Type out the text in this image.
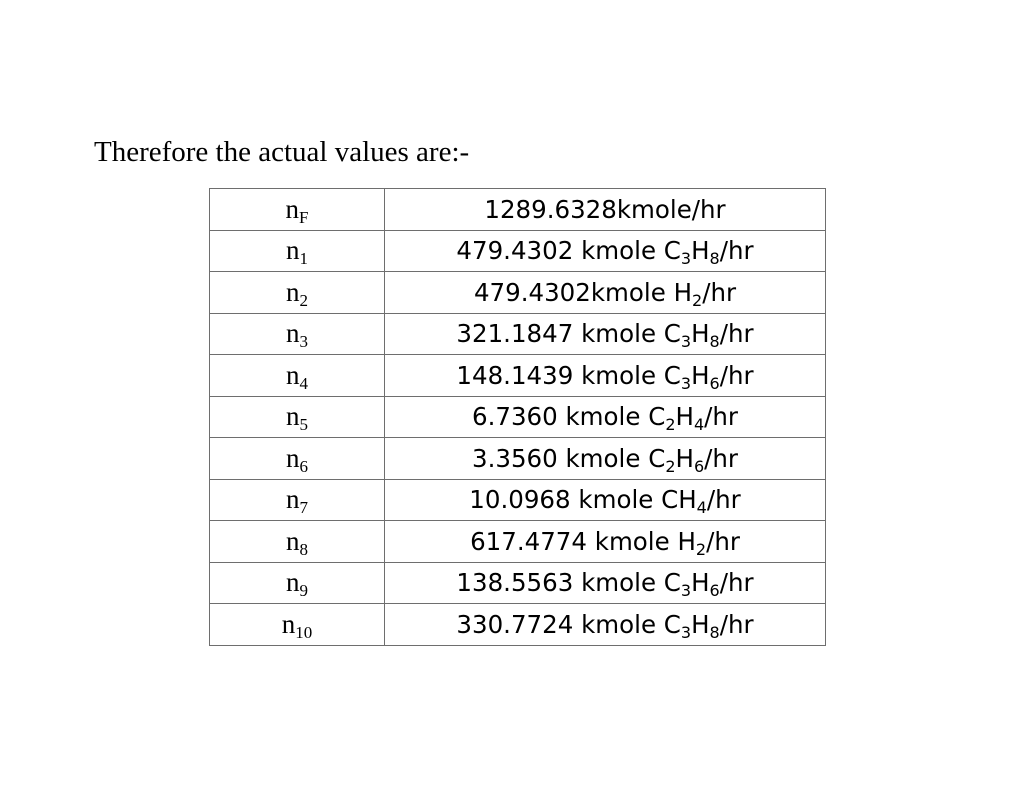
Therefore the actual values are:-

nF	1289.6328kmole/hr
n1	479.4302 kmole $C_3H_8/hr$
n2	479.4302kmole $H_2/hr$
n3	321.1847 kmole $C_3H_8/hr$
n4	148.1439 kmole $C_3H_6/hr$
n5	6.7360 kmole $C_2H_4/hr$
n6	3.3560 kmole $C_2H_6/hr$
n7	10.0968 kmole $CH_4/hr$
n8	617.4774 kmole $H_2/hr$
n9	138.5563 kmole $C_3H_6/hr$
n10	330.7724 kmole $C_3H_8/hr$
